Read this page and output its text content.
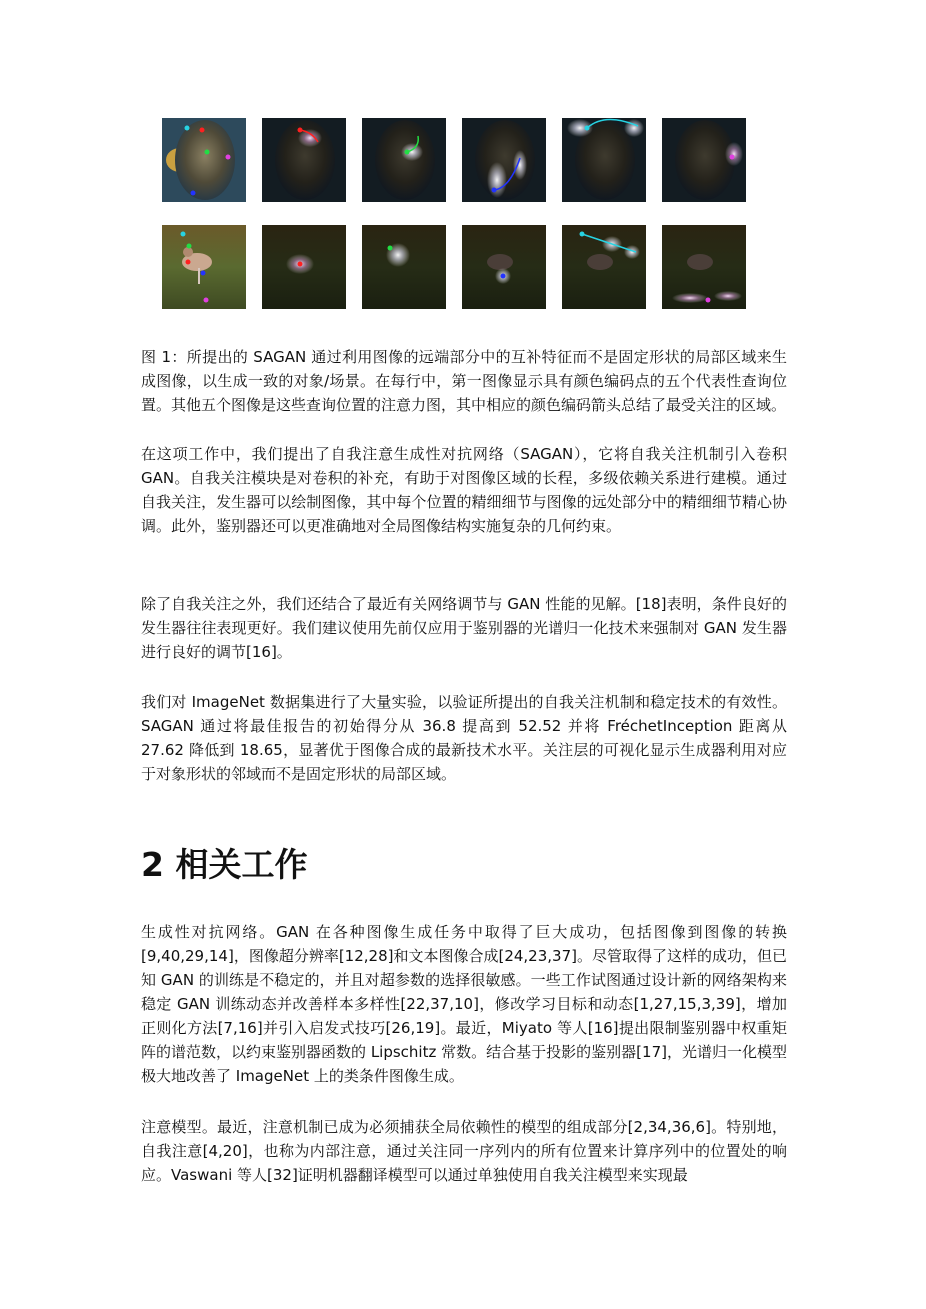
图 1：所提出的 SAGAN 通过利用图像的远端部分中的互补特征而不是固定形状的局部区域来生成图像，以生成一致的对象/场景。在每行中，第一图像显示具有颜色编码点的五个代表性查询位置。其他五个图像是这些查询位置的注意力图，其中相应的颜色编码箭头总结了最受关注的区域。

在这项工作中，我们提出了自我注意生成性对抗网络（SAGAN），它将自我关注机制引入卷积 GAN。自我关注模块是对卷积的补充，有助于对图像区域的长程，多级依赖关系进行建模。通过自我关注，发生器可以绘制图像，其中每个位置的精细细节与图像的远处部分中的精细细节精心协调。此外，鉴别器还可以更准确地对全局图像结构实施复杂的几何约束。

除了自我关注之外，我们还结合了最近有关网络调节与 GAN 性能的见解。[18]表明，条件良好的发生器往往表现更好。我们建议使用先前仅应用于鉴别器的光谱归一化技术来强制对 GAN 发生器进行良好的调节[16]。

我们对 ImageNet 数据集进行了大量实验，以验证所提出的自我关注机制和稳定技术的有效性。SAGAN 通过将最佳报告的初始得分从 36.8 提高到 52.52 并将 FréchetInception 距离从 27.62 降低到 18.65，显著优于图像合成的最新技术水平。关注层的可视化显示生成器利用对应于对象形状的邻域而不是固定形状的局部区域。

2 相关工作

生成性对抗网络。GAN 在各种图像生成任务中取得了巨大成功，包括图像到图像的转换[9,40,29,14]，图像超分辨率[12,28]和文本图像合成[24,23,37]。尽管取得了这样的成功，但已知 GAN 的训练是不稳定的，并且对超参数的选择很敏感。一些工作试图通过设计新的网络架构来稳定 GAN 训练动态并改善样本多样性[22,37,10]，修改学习目标和动态[1,27,15,3,39]，增加正则化方法[7,16]并引入启发式技巧[26,19]。最近，Miyato 等人[16]提出限制鉴别器中权重矩阵的谱范数，以约束鉴别器函数的 Lipschitz 常数。结合基于投影的鉴别器[17]，光谱归一化模型极大地改善了 ImageNet 上的类条件图像生成。

注意模型。最近，注意机制已成为必须捕获全局依赖性的模型的组成部分[2,34,36,6]。特别地，自我注意[4,20]，也称为内部注意，通过关注同一序列内的所有位置来计算序列中的位置处的响应。Vaswani 等人[32]证明机器翻译模型可以通过单独使用自我关注模型来实现最
